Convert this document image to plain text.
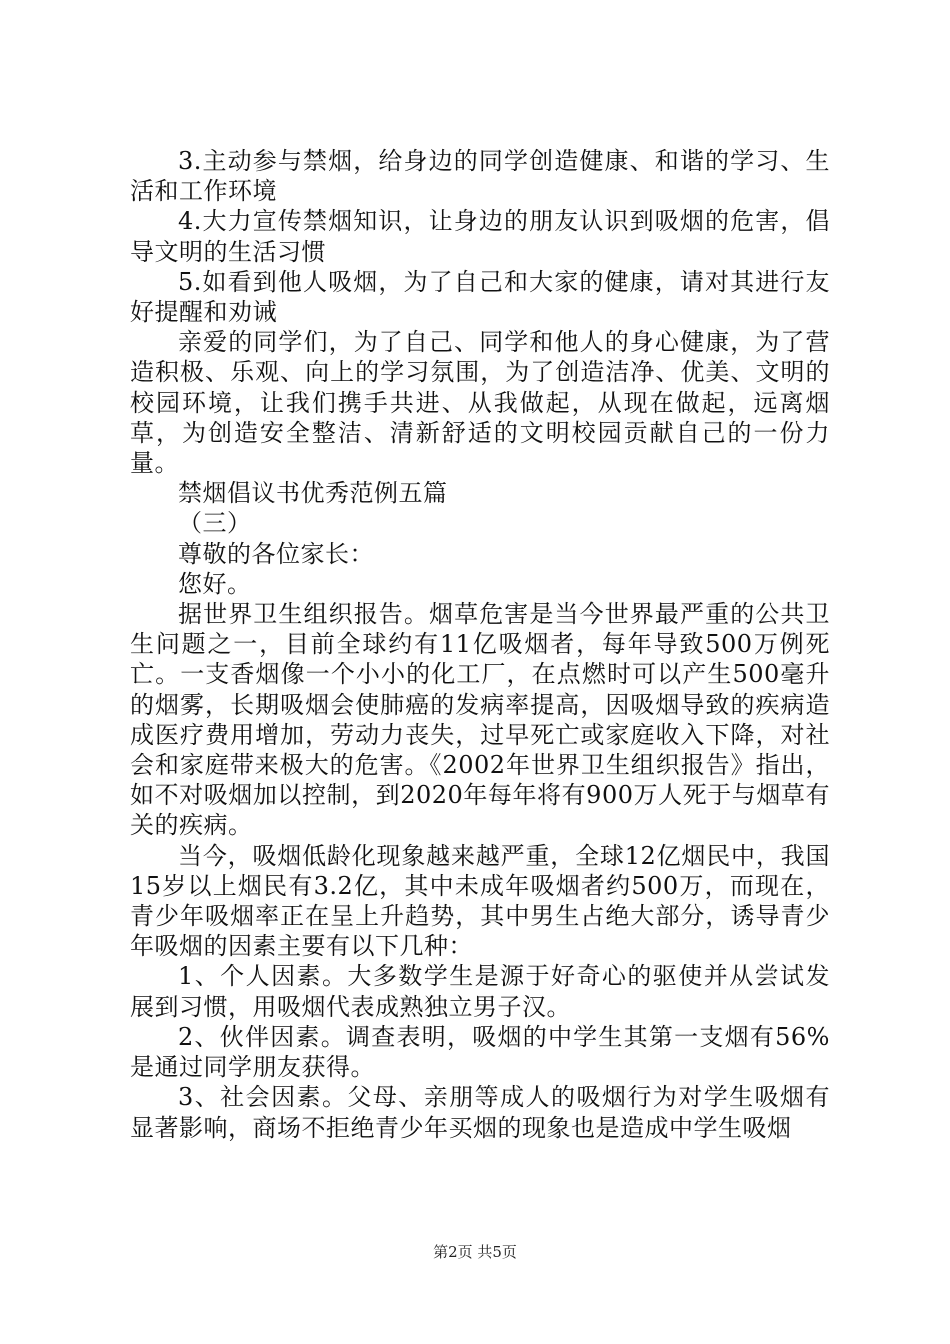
3.主动参与禁烟，给身边的同学创造健康、和谐的学习、生活和工作环境

4.大力宣传禁烟知识，让身边的朋友认识到吸烟的危害，倡导文明的生活习惯

5.如看到他人吸烟，为了自己和大家的健康，请对其进行友好提醒和劝诫

亲爱的同学们，为了自己、同学和他人的身心健康，为了营造积极、乐观、向上的学习氛围，为了创造洁净、优美、文明的校园环境，让我们携手共进、从我做起，从现在做起，远离烟草，为创造安全整洁、清新舒适的文明校园贡献自己的一份力量。

禁烟倡议书优秀范例五篇

（三）

尊敬的各位家长：

您好。

据世界卫生组织报告。烟草危害是当今世界最严重的公共卫生问题之一，目前全球约有11亿吸烟者，每年导致500万例死亡。一支香烟像一个小小的化工厂，在点燃时可以产生500毫升的烟雾，长期吸烟会使肺癌的发病率提高，因吸烟导致的疾病造成医疗费用增加，劳动力丧失，过早死亡或家庭收入下降，对社会和家庭带来极大的危害。《2002年世界卫生组织报告》指出，如不对吸烟加以控制，到2020年每年将有900万人死于与烟草有关的疾病。

当今，吸烟低龄化现象越来越严重，全球12亿烟民中，我国15岁以上烟民有3.2亿，其中未成年吸烟者约500万，而现在，青少年吸烟率正在呈上升趋势，其中男生占绝大部分，诱导青少年吸烟的因素主要有以下几种：

1、个人因素。大多数学生是源于好奇心的驱使并从尝试发展到习惯，用吸烟代表成熟独立男子汉。

2、伙伴因素。调查表明，吸烟的中学生其第一支烟有56%是通过同学朋友获得。

3、社会因素。父母、亲朋等成人的吸烟行为对学生吸烟有显著影响，商场不拒绝青少年买烟的现象也是造成中学生吸烟

第2页 共5页
